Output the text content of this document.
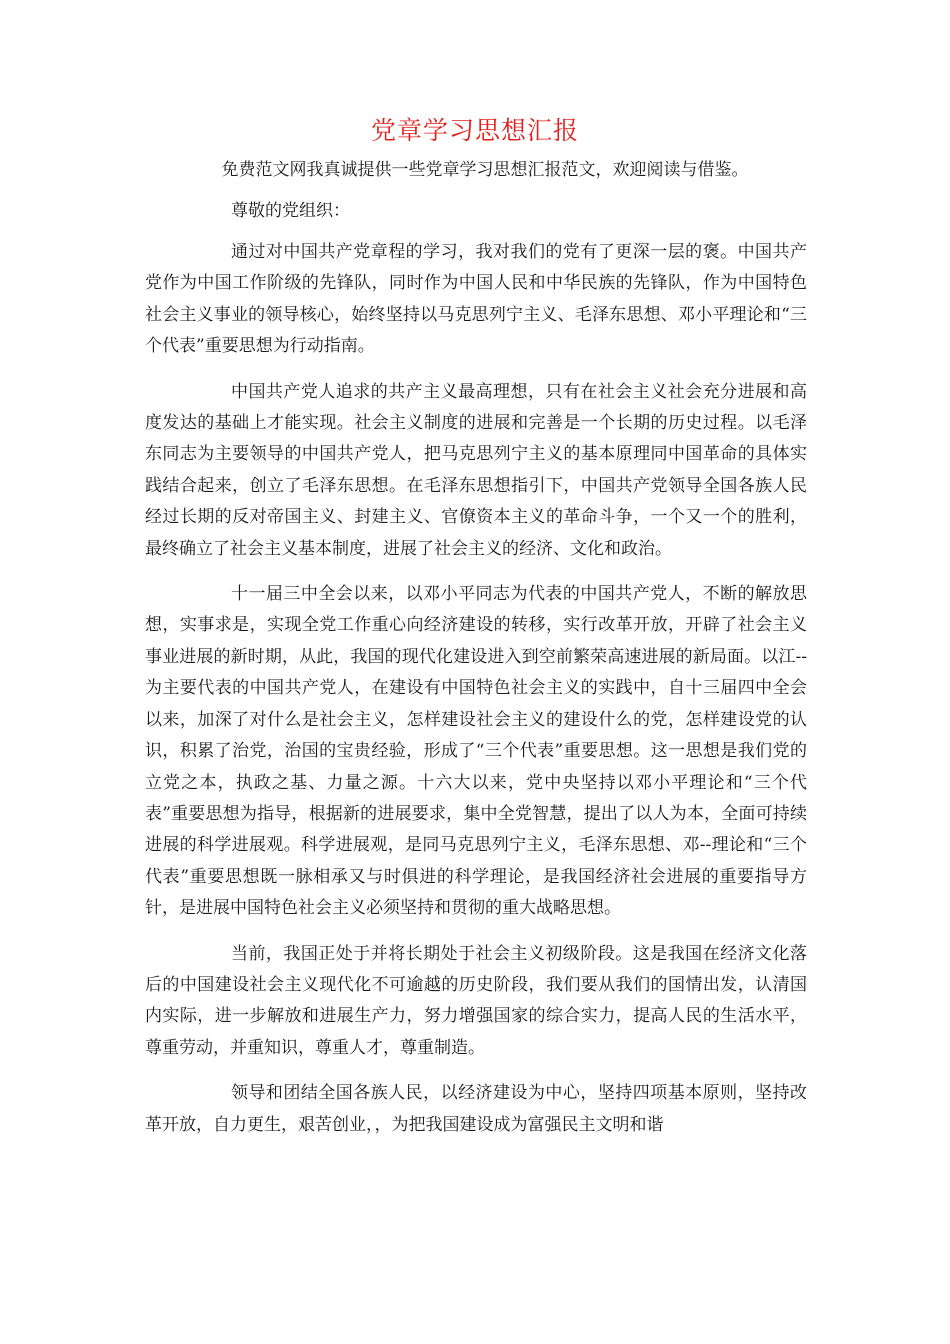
党章学习思想汇报
免费范文网我真诚提供一些党章学习思想汇报范文，欢迎阅读与借鉴。

尊敬的党组织：

通过对中国共产党章程的学习，我对我们的党有了更深一层的褒。中国共产党作为中国工作阶级的先锋队，同时作为中国人民和中华民族的先锋队，作为中国特色社会主义事业的领导核心，始终坚持以马克思列宁主义、毛泽东思想、邓小平理论和“三个代表”重要思想为行动指南。

中国共产党人追求的共产主义最高理想，只有在社会主义社会充分进展和高度发达的基础上才能实现。社会主义制度的进展和完善是一个长期的历史过程。以毛泽东同志为主要领导的中国共产党人，把马克思列宁主义的基本原理同中国革命的具体实践结合起来，创立了毛泽东思想。在毛泽东思想指引下，中国共产党领导全国各族人民经过长期的反对帝国主义、封建主义、官僚资本主义的革命斗争，一个又一个的胜利，最终确立了社会主义基本制度，进展了社会主义的经济、文化和政治。

十一届三中全会以来，以邓小平同志为代表的中国共产党人，不断的解放思想，实事求是，实现全党工作重心向经济建设的转移，实行改革开放，开辟了社会主义事业进展的新时期，从此，我国的现代化建设进入到空前繁荣高速进展的新局面。以江--为主要代表的中国共产党人，在建设有中国特色社会主义的实践中，自十三届四中全会以来，加深了对什么是社会主义，怎样建设社会主义的建设什么的党，怎样建设党的认识，积累了治党，治国的宝贵经验，形成了“三个代表”重要思想。这一思想是我们党的立党之本，执政之基、力量之源。十六大以来，党中央坚持以邓小平理论和“三个代表”重要思想为指导，根据新的进展要求，集中全党智慧，提出了以人为本，全面可持续进展的科学进展观。科学进展观，是同马克思列宁主义，毛泽东思想、邓--理论和“三个代表”重要思想既一脉相承又与时俱进的科学理论，是我国经济社会进展的重要指导方针，是进展中国特色社会主义必须坚持和贯彻的重大战略思想。

当前，我国正处于并将长期处于社会主义初级阶段。这是我国在经济文化落后的中国建设社会主义现代化不可逾越的历史阶段，我们要从我们的国情出发，认清国内实际，进一步解放和进展生产力，努力增强国家的综合实力，提高人民的生活水平，尊重劳动，并重知识，尊重人才，尊重制造。

领导和团结全国各族人民，以经济建设为中心，坚持四项基本原则，坚持改革开放，自力更生，艰苦创业，，为把我国建设成为富强民主文明和谐
